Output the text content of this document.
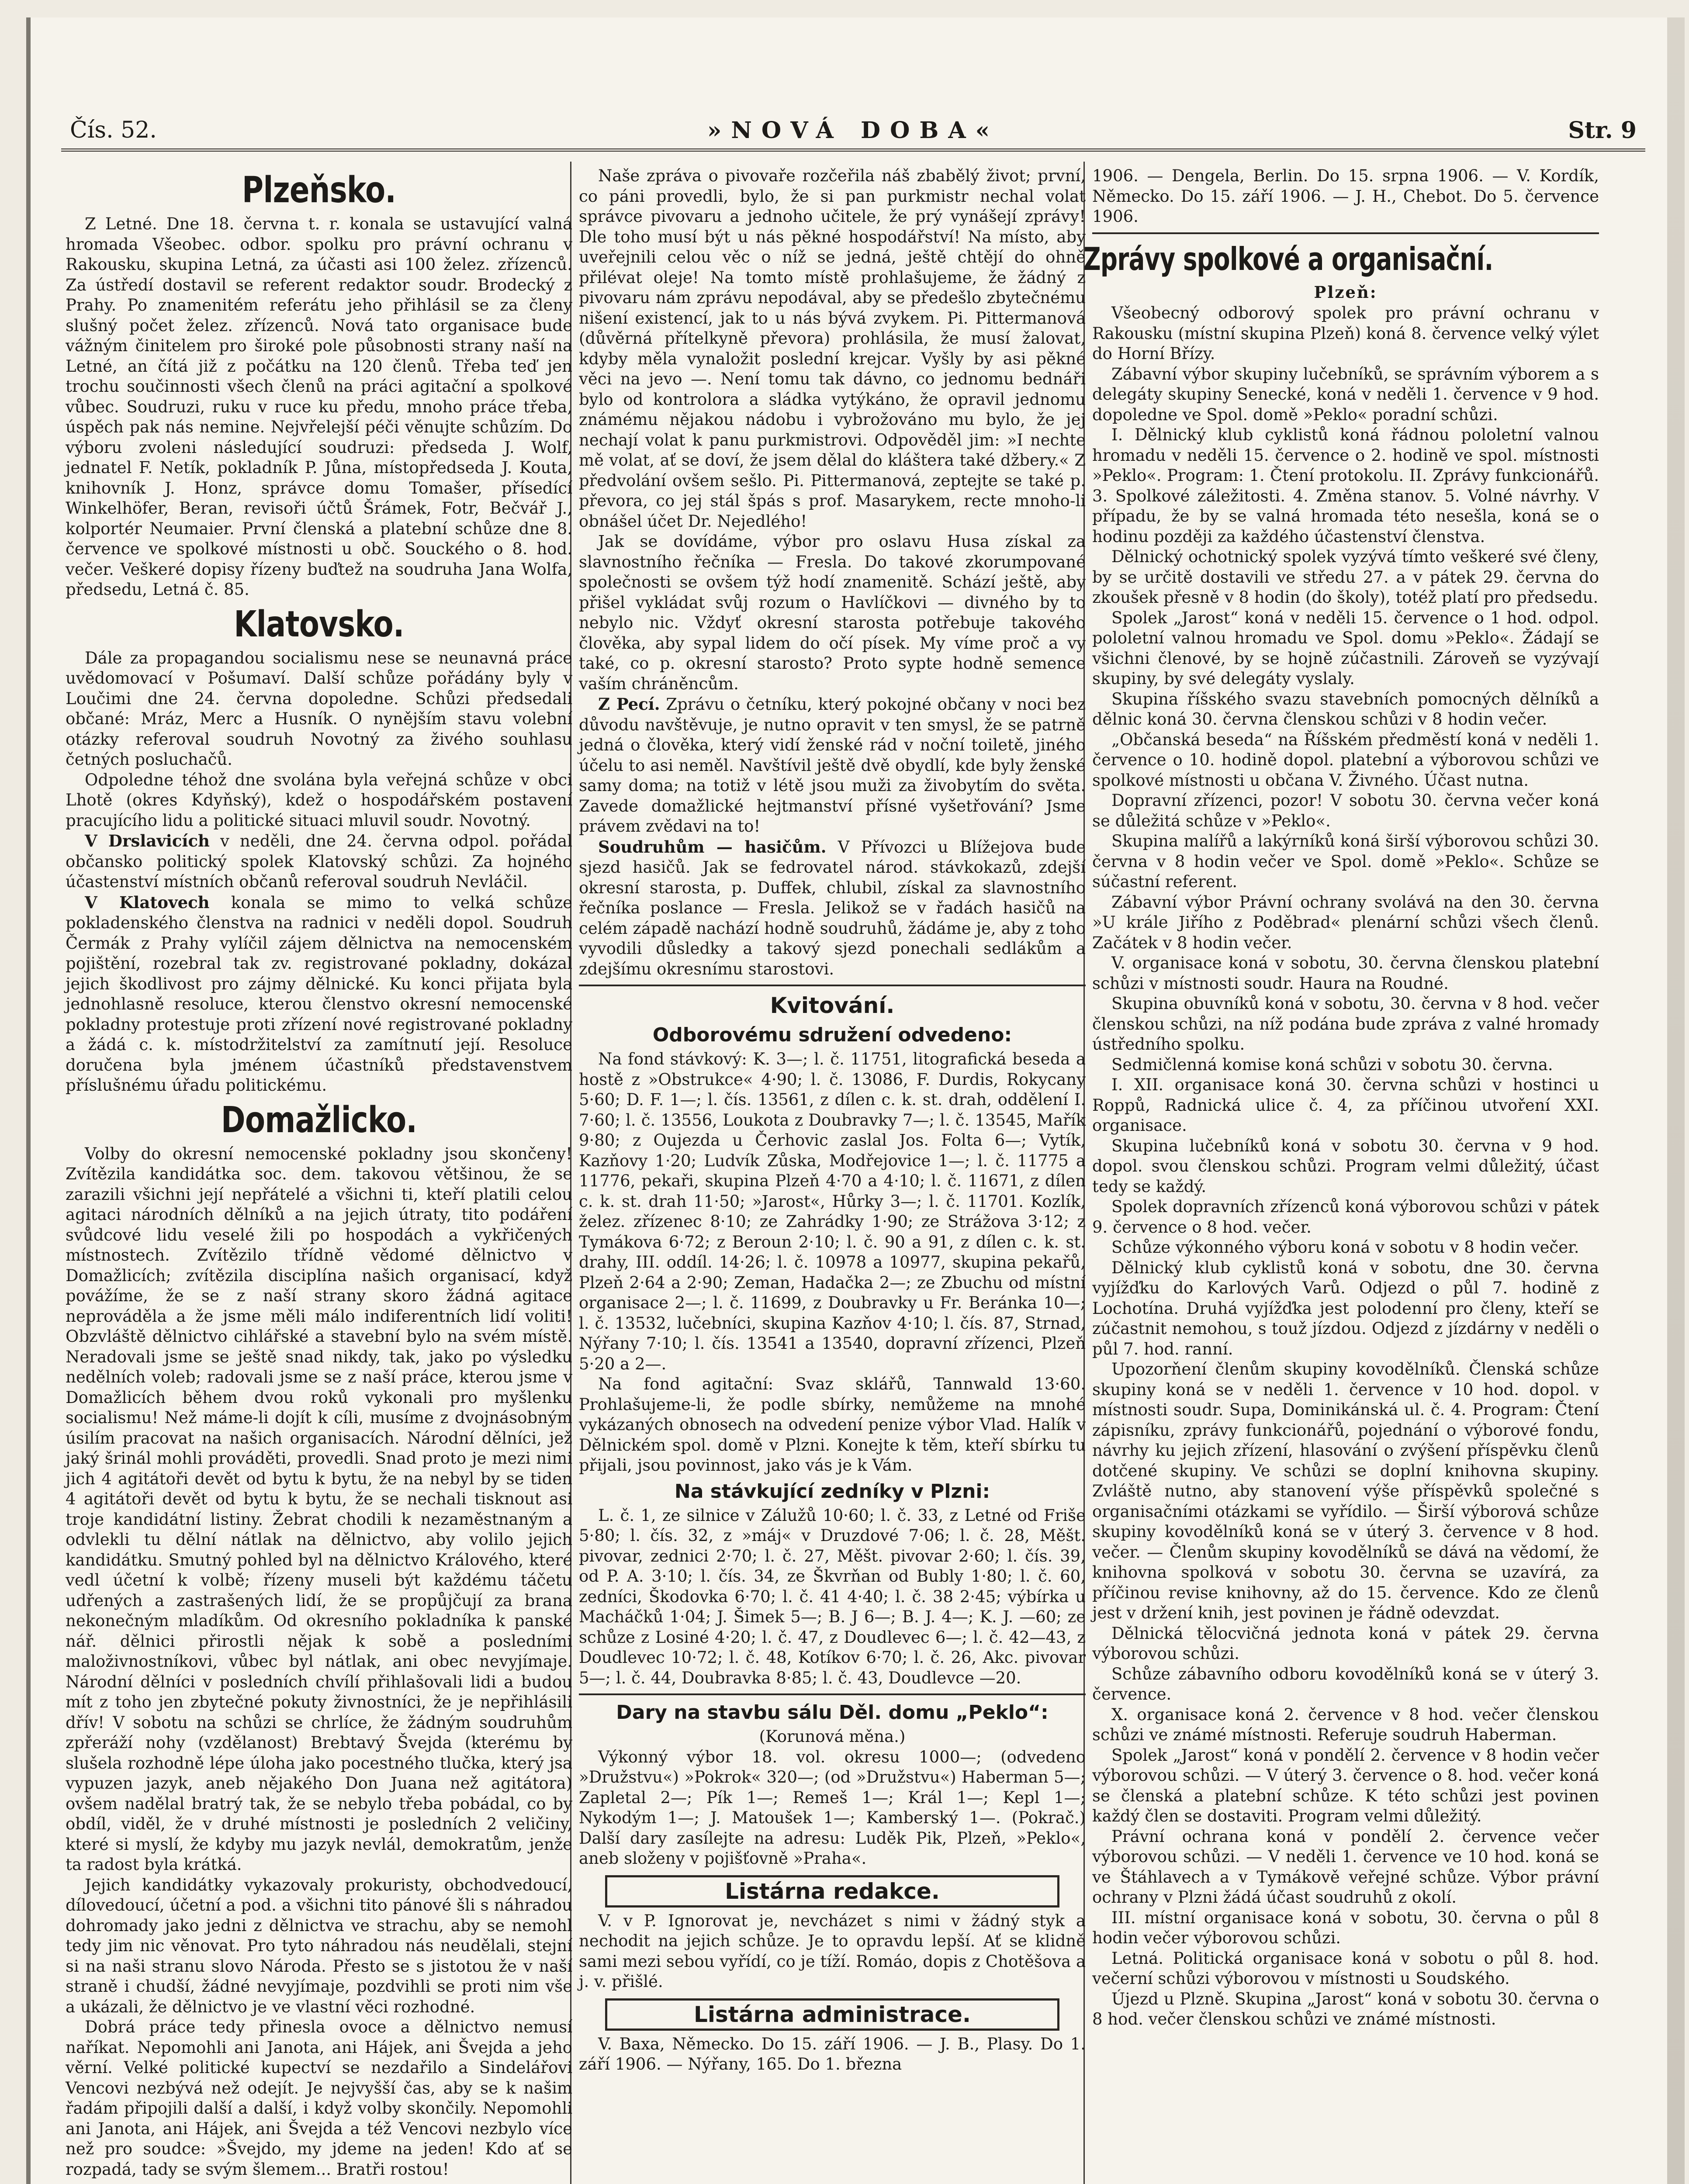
Čís. 52.	»NOVÁ DOBA«	Str. 9
Plzeňsko.

Z Letné. Dne 18. června t. r. konala se ustavující valná hromada Všeobec. odbor. spolku pro právní ochranu v Rakousku, skupina Letná, za účasti asi 100 želez. zřízenců. Za ústředí dostavil se referent redaktor soudr. Brodecký z Prahy. Po znamenitém referátu jeho přihlásil se za členy slušný počet želez. zřízenců. Nová tato organisace bude vážným činitelem pro široké pole působnosti strany naší na Letné, an čítá již z počátku na 120 členů. Třeba teď jen trochu součinnosti všech členů na práci agitační a spolkové vůbec. Soudruzi, ruku v ruce ku předu, mnoho práce třeba, úspěch pak nás nemine. Nejvřelejší péči věnujte schůzím. Do výboru zvoleni následující soudruzi: předseda J. Wolf, jednatel F. Netík, pokladník P. Jůna, místopředseda J. Kouta, knihovník J. Honz, správce domu Tomašer, přísedící Winkelhöfer, Beran, revisoři účtů Šrámek, Fotr, Bečvář J., kolportér Neumaier. První členská a platební schůze dne 8. července ve spolkové místnosti u obč. Souckého o 8. hod. večer. Veškeré dopisy řízeny buďtež na soudruha Jana Wolfa, předsedu, Letná č. 85.

Klatovsko.

Dále za propagandou socialismu nese se neunavná práce uvědomovací v Pošumaví. Další schůze pořádány byly v Loučimi dne 24. června dopoledne. Schůzi předsedali občané: Mráz, Merc a Husník. O nynějším stavu volební otázky referoval soudruh Novotný za živého souhlasu četných posluchačů.

Odpoledne téhož dne svolána byla veřejná schůze v obci Lhotě (okres Kdyňský), kdež o hospodářském postavení pracujícího lidu a politické situaci mluvil soudr. Novotný.

V Drslavicích v neděli, dne 24. června odpol. pořádal občansko politický spolek Klatovský schůzi. Za hojného účastenství místních občanů referoval soudruh Nevláčil.

V Klatovech konala se mimo to velká schůze pokladenského členstva na radnici v neděli dopol. Soudruh Čermák z Prahy vylíčil zájem dělnictva na nemocenském pojištění, rozebral tak zv. registrované pokladny, dokázal jejich škodlivost pro zájmy dělnické. Ku konci přijata byla jednohlasně resoluce, kterou členstvo okresní nemocenské pokladny protestuje proti zřízení nové registrované pokladny a žádá c. k. místodržitelství za zamítnutí její. Resoluce doručena byla jménem účastníků představenstvem příslušnému úřadu politickému.

Domažlicko.

Volby do okresní nemocenské pokladny jsou skončeny! Zvítězila kandidátka soc. dem. takovou většinou, že se zarazili všichni její nepřátelé a všichni ti, kteří platili celou agitaci národních dělníků a na jejich útraty, tito podáření svůdcové lidu veselé žili po hospodách a vykřičených místnostech. Zvítězilo třídně vědomé dělnictvo v Domažlicích; zvítězila disciplína našich organisací, když povážíme, že se z naší strany skoro žádná agitace neprováděla a že jsme měli málo indiferentních lidí voliti! Obzvláště dělnictvo cihlářské a stavební bylo na svém místě. Neradovali jsme se ještě snad nikdy, tak, jako po výsledku nedělních voleb; radovali jsme se z naší práce, kterou jsme v Domažlicích během dvou roků vykonali pro myšlenku socialismu! Než máme-li dojít k cíli, musíme z dvojnásobným úsilím pracovat na našich organisacích. Národní dělníci, jež jaký šrinál mohli prováděti, provedli. Snad proto je mezi nimi jich 4 agitátoři devět od bytu k bytu, že na nebyl by se tiden 4 agitátoři devět od bytu k bytu, že se nechali tisknout asi troje kandidátní listiny. Žebrat chodili k nezaměstnaným a odvlekli tu dělní nátlak na dělnictvo, aby volilo jejich kandidátku. Smutný pohled byl na dělnictvo Králového, které vedl účetní k volbě; řízeny museli být každému táčetu udřených a zastrašených lidí, že se propůjčují za brana nekonečným mladíkům. Od okresního pokladníka k panské nář. dělnici přirostli nějak k sobě a posledními maloživnostníkovi, vůbec byl nátlak, ani obec nevyjímaje. Národní dělníci v posledních chvílí přihlašovali lidi a budou mít z toho jen zbytečné pokuty živnostníci, že je nepřihlásili dřív! V sobotu na schůzi se chrlíce, že žádným soudruhům zpřeráží nohy (vzdělanost) Brebtavý Švejda (kterému by slušela rozhodně lépe úloha jako pocestného tlučka, který jsa vypuzen jazyk, aneb nějakého Don Juana než agitátora) ovšem nadělal bratrý tak, že se nebylo třeba pobádal, co by obdíl, viděl, že v druhé místnosti je posledních 2 veličiny, které si myslí, že kdyby mu jazyk nevlál, demokratům, jenže ta radost byla krátká.

Jejich kandidátky vykazovaly prokuristy, obchodvedoucí, dílovedoucí, účetní a pod. a všichni tito pánové šli s náhradou dohromady jako jedni z dělnictva ve strachu, aby se nemohl tedy jim nic věnovat. Pro tyto náhradou nás neudělali, stejní si na naši stranu slovo Národa. Přesto se s jistotou že v naší straně i chudší, žádné nevyjímaje, pozdvihli se proti nim vše a ukázali, že dělnictvo je ve vlastní věci rozhodné.

Dobrá práce tedy přinesla ovoce a dělnictvo nemusí naříkat. Nepomohli ani Janota, ani Hájek, ani Švejda a jeho věrní. Velké politické kupectví se nezdařilo a Sindelářovi Vencovi nezbývá než odejít. Je nejvyšší čas, aby se k našim řadám připojili další a další, i když volby skončily. Nepomohli ani Janota, ani Hájek, ani Švejda a též Vencovi nezbylo více než pro soudce: »Švejdo, my jdeme na jeden! Kdo ať se rozpadá, tady se svým šlemem... Bratři rostou!

Naše zpráva o pivovaře rozčeřila náš zbabělý život; první, co páni provedli, bylo, že si pan purkmistr nechal volat správce pivovaru a jednoho učitele, že prý vynášejí zprávy! Dle toho musí být u nás pěkné hospodářství! Na místo, aby uveřejnili celou věc o níž se jedná, ještě chtějí do ohně přilévat oleje! Na tomto místě prohlašujeme, že žádný z pivovaru nám zprávu nepodával, aby se předešlo zbytečnému nišení existencí, jak to u nás bývá zvykem. Pi. Pittermanová (důvěrná přítelkyně převora) prohlásila, že musí žalovat, kdyby měla vynaložit poslední krejcar. Vyšly by asi pěkné věci na jevo —. Není tomu tak dávno, co jednomu bednáři bylo od kontrolora a sládka vytýkáno, že opravil jednomu známému nějakou nádobu i vybrožováno mu bylo, že jej nechají volat k panu purkmistrovi. Odpověděl jim: »I nechte mě volat, ať se doví, že jsem dělal do kláštera také džbery.« Z předvolání ovšem sešlo. Pi. Pittermanová, zeptejte se také p. převora, co jej stál špás s prof. Masarykem, recte mnoho-li obnášel účet Dr. Nejedlého!

Jak se dovídáme, výbor pro oslavu Husa získal za slavnostního řečníka — Fresla. Do takové zkorumpované společnosti se ovšem týž hodí znamenitě. Schází ještě, aby přišel vykládat svůj rozum o Havlíčkovi — divného by to nebylo nic. Vždyť okresní starosta potřebuje takového člověka, aby sypal lidem do očí písek. My víme proč a vy také, co p. okresní starosto? Proto sypte hodně semence vaším chráněncům.

Z Pecí. Zprávu o četníku, který pokojné občany v noci bez důvodu navštěvuje, je nutno opravit v ten smysl, že se patrně jedná o člověka, který vidí ženské rád v noční toiletě, jiného účelu to asi neměl. Navštívil ještě dvě obydlí, kde byly ženské samy doma; na totiž v létě jsou muži za živobytím do světa. Zavede domažlické hejtmanství přísné vyšetřování? Jsme právem zvědavi na to!

Soudruhům — hasičům. V Přívozci u Blížejova bude sjezd hasičů. Jak se fedrovatel národ. stávkokazů, zdejší okresní starosta, p. Duffek, chlubil, získal za slavnostního řečníka poslance — Fresla. Jelikož se v řadách hasičů na celém západě nachází hodně soudruhů, žádáme je, aby z toho vyvodili důsledky a takový sjezd ponechali sedlákům a zdejšímu okresnímu starostovi.

Kvitování.
Odborovému sdružení odvedeno:

Na fond stávkový: K. 3—; l. č. 11751, litografická beseda a hostě z »Obstrukce« 4·90; l. č. 13086, F. Durdis, Rokycany 5·60; D. F. 1—; l. čís. 13561, z dílen c. k. st. drah, oddělení I. 7·60; l. č. 13556, Loukota z Doubravky 7—; l. č. 13545, Mařík 9·80; z Oujezda u Čerhovic zaslal Jos. Folta 6—; Vytík, Kazňovy 1·20; Ludvík Zůska, Modřejovice 1—; l. č. 11775 a 11776, pekaři, skupina Plzeň 4·70 a 4·10; l. č. 11671, z dílen c. k. st. drah 11·50; »Jarost«, Hůrky 3—; l. č. 11701. Kozlík, želez. zřízenec 8·10; ze Zahrádky 1·90; ze Strážova 3·12; z Tymákova 6·72; z Beroun 2·10; l. č. 90 a 91, z dílen c. k. st. drahy, III. oddíl. 14·26; l. č. 10978 a 10977, skupina pekařů, Plzeň 2·64 a 2·90; Zeman, Hadačka 2—; ze Zbuchu od místní organisace 2—; l. č. 11699, z Doubravky u Fr. Beránka 10—; l. č. 13532, lučebníci, skupina Kazňov 4·10; l. čís. 87, Strnad, Nýřany 7·10; l. čís. 13541 a 13540, dopravní zřízenci, Plzeň 5·20 a 2—.

Na fond agitační: Svaz sklářů, Tannwald 13·60. Prohlašujeme-li, že podle sbírky, nemůžeme na mnohé vykázaných obnosech na odvedení penize výbor Vlad. Halík v Dělnickém spol. domě v Plzni. Konejte k těm, kteří sbírku tu přijali, jsou povinnost, jako vás je k Vám.

Na stávkující zedníky v Plzni:

L. č. 1, ze silnice v Zálužů 10·60; l. č. 33, z Letné od Friše 5·80; l. čís. 32, z »máj« v Druzdové 7·06; l. č. 28, Měšt. pivovar, zednici 2·70; l. č. 27, Měšt. pivovar 2·60; l. čís. 39, od P. A. 3·10; l. čís. 34, ze Škvrňan od Bubly 1·80; l. č. 60, zedníci, Škodovka 6·70; l. č. 41 4·40; l. č. 38 2·45; výbírka u Macháčků 1·04; J. Šimek 5—; B. J 6—; B. J. 4—; K. J. —60; ze schůze z Losiné 4·20; l. č. 47, z Doudlevec 6—; l. č. 42—43, z Doudlevec 10·72; l. č. 48, Kotíkov 6·70; l. č. 26, Akc. pivovar 5—; l. č. 44, Doubravka 8·85; l. č. 43, Doudlevce —20.

Dary na stavbu sálu Děl. domu „Peklo“:
(Korunová měna.)

Výkonný výbor 18. vol. okresu 1000—; (odvedeno »Družstvu«) »Pokrok« 320—; (od »Družstvu«) Haberman 5—; Zapletal 2—; Pík 1—; Remeš 1—; Král 1—; Kepl 1—; Nykodým 1—; J. Matoušek 1—; Kamberský 1—. (Pokrač.) Další dary zasílejte na adresu: Luděk Pik, Plzeň, »Peklo«, aneb složeny v pojišťovně »Praha«.

Listárna redakce.

V. v P. Ignorovat je, nevcházet s nimi v žádný styk a nechodit na jejich schůze. Je to opravdu lepší. Ať se klidně sami mezi sebou vyřídí, co je tíží. Romáo, dopis z Chotěšova a j. v. přišlé.

Listárna administrace.

V. Baxa, Německo. Do 15. září 1906. — J. B., Plasy. Do 1. září 1906. — Nýřany, 165. Do 1. března

1906. — Dengela, Berlin. Do 15. srpna 1906. — V. Kordík, Německo. Do 15. září 1906. — J. H., Chebot. Do 5. července 1906.

Zprávy spolkové a organisační.
Plzeň:

Všeobecný odborový spolek pro právní ochranu v Rakousku (místní skupina Plzeň) koná 8. července velký výlet do Horní Břízy.

Zábavní výbor skupiny lučebníků, se správním výborem a s delegáty skupiny Senecké, koná v neděli 1. července v 9 hod. dopoledne ve Spol. domě »Peklo« poradní schůzi.

I. Dělnický klub cyklistů koná řádnou pololetní valnou hromadu v neděli 15. července o 2. hodině ve spol. místnosti »Peklo«. Program: 1. Čtení protokolu. II. Zprávy funkcionářů. 3. Spolkové záležitosti. 4. Změna stanov. 5. Volné návrhy. V případu, že by se valná hromada této nesešla, koná se o hodinu později za každého účastenství členstva.

Dělnický ochotnický spolek vyzývá tímto veškeré své členy, by se určitě dostavili ve středu 27. a v pátek 29. června do zkoušek přesně v 8 hodin (do školy), totéž platí pro předsedu.

Spolek „Jarost“ koná v neděli 15. července o 1 hod. odpol. pololetní valnou hromadu ve Spol. domu »Peklo«. Žádají se všichni členové, by se hojně zúčastnili. Zároveň se vyzývají skupiny, by své delegáty vyslaly.

Skupina říšského svazu stavebních pomocných dělníků a dělnic koná 30. června členskou schůzi v 8 hodin večer.

„Občanská beseda“ na Říšském předměstí koná v neděli 1. července o 10. hodině dopol. platební a výborovou schůzi ve spolkové místnosti u občana V. Živného. Účast nutna.

Dopravní zřízenci, pozor! V sobotu 30. června večer koná se důležitá schůze v »Peklo«.

Skupina malířů a lakýrníků koná širší výborovou schůzi 30. června v 8 hodin večer ve Spol. domě »Peklo«. Schůze se súčastní referent.

Zábavní výbor Právní ochrany svolává na den 30. června »U krále Jiřího z Poděbrad« plenární schůzi všech členů. Začátek v 8 hodin večer.

V. organisace koná v sobotu, 30. června členskou platební schůzi v místnosti soudr. Haura na Roudné.

Skupina obuvníků koná v sobotu, 30. června v 8 hod. večer členskou schůzi, na níž podána bude zpráva z valné hromady ústředního spolku.

Sedmičlenná komise koná schůzi v sobotu 30. června.

I. XII. organisace koná 30. června schůzi v hostinci u Roppů, Radnická ulice č. 4, za příčinou utvoření XXI. organisace.

Skupina lučebníků koná v sobotu 30. června v 9 hod. dopol. svou členskou schůzi. Program velmi důležitý, účast tedy se každý.

Spolek dopravních zřízenců koná výborovou schůzi v pátek 9. července o 8 hod. večer.

Schůze výkonného výboru koná v sobotu v 8 hodin večer.

Dělnický klub cyklistů koná v sobotu, dne 30. června vyjížďku do Karlových Varů. Odjezd o půl 7. hodině z Lochotína. Druhá vyjížďka jest polodenní pro členy, kteří se zúčastnit nemohou, s touž jízdou. Odjezd z jízdárny v neděli o půl 7. hod. ranní.

Upozorňení členům skupiny kovodělníků. Členská schůze skupiny koná se v neděli 1. července v 10 hod. dopol. v místnosti soudr. Supa, Dominikánská ul. č. 4. Program: Čtení zápisníku, zprávy funkcionářů, pojednání o výborové fondu, návrhy ku jejich zřízení, hlasování o zvýšení příspěvku členů dotčené skupiny. Ve schůzi se doplní knihovna skupiny. Zvláště nutno, aby stanovení výše příspěvků společné s organisačními otázkami se vyřídilo. — Širší výborová schůze skupiny kovodělníků koná se v úterý 3. července v 8 hod. večer. — Členům skupiny kovodělníků se dává na vědomí, že knihovna spolková v sobotu 30. června se uzavírá, za příčinou revise knihovny, až do 15. července. Kdo ze členů jest v držení knih, jest povinen je řádně odevzdat.

Dělnická tělocvičná jednota koná v pátek 29. června výborovou schůzi.

Schůze zábavního odboru kovodělníků koná se v úterý 3. července.

X. organisace koná 2. července v 8 hod. večer členskou schůzi ve známé místnosti. Referuje soudruh Haberman.

Spolek „Jarost“ koná v pondělí 2. července v 8 hodin večer výborovou schůzi. — V úterý 3. července o 8. hod. večer koná se členská a platební schůze. K této schůzi jest povinen každý člen se dostaviti. Program velmi důležitý.

Právní ochrana koná v pondělí 2. července večer výborovou schůzi. — V neděli 1. července ve 10 hod. koná se ve Štáhlavech a v Tymákově veřejné schůze. Výbor právní ochrany v Plzni žádá účast soudruhů z okolí.

III. místní organisace koná v sobotu, 30. června o půl 8 hodin večer výborovou schůzi.

Letná. Politická organisace koná v sobotu o půl 8. hod. večerní schůzi výborovou v místnosti u Soudského.

Újezd u Plzně. Skupina „Jarost“ koná v sobotu 30. června o 8 hod. večer členskou schůzi ve známé místnosti.
